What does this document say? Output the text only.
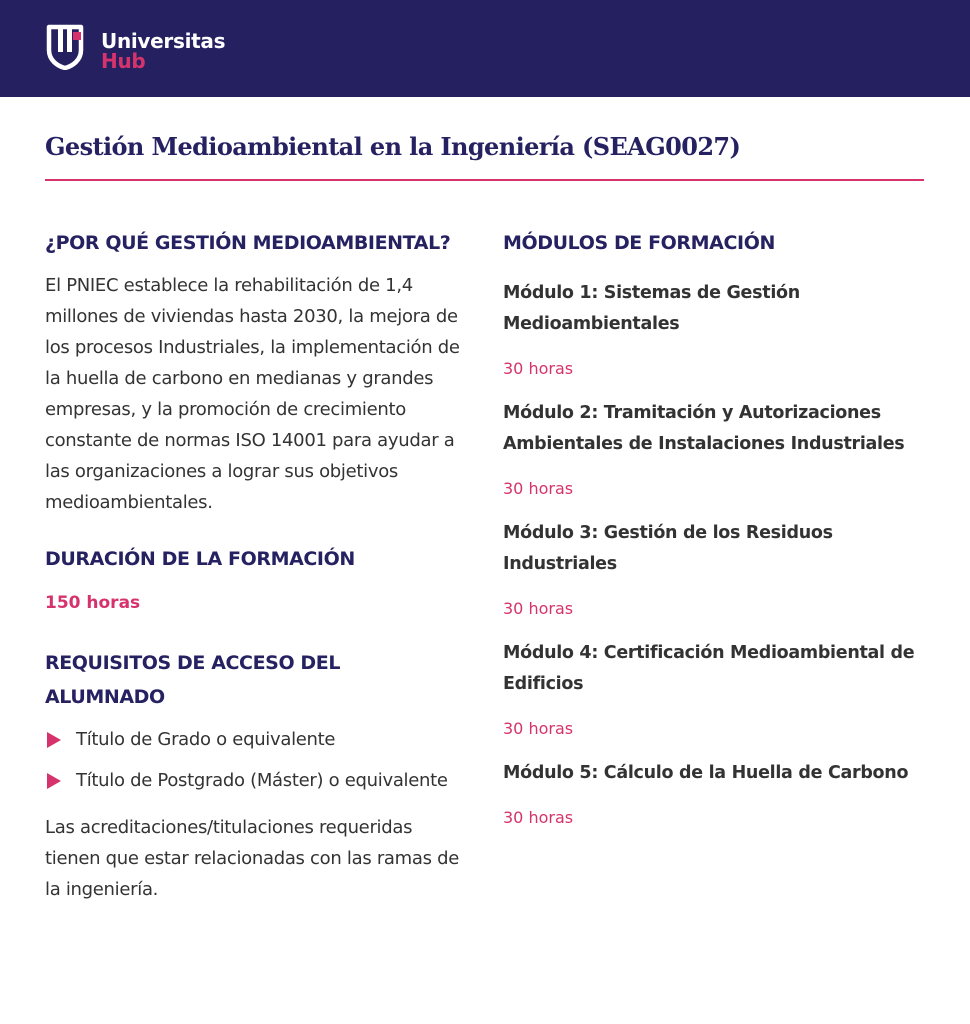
Universitas
Hub
Gestión Medioambiental en la Ingeniería (SEAG0027)
¿POR QUÉ GESTIÓN MEDIOAMBIENTAL?

El PNIEC establece la rehabilitación de 1,4 millones de viviendas hasta 2030, la mejora de los procesos Industriales, la implementación de la huella de carbono en medianas y grandes empresas, y la promoción de crecimiento constante de normas ISO 14001 para ayudar a las organizaciones a lograr sus objetivos medioambientales.

DURACIÓN DE LA FORMACIÓN
150 horas
REQUISITOS DE ACCESO DEL ALUMNADO
Título de Grado o equivalente
Título de Postgrado (Máster) o equivalente

Las acreditaciones/titulaciones requeridas tienen que estar relacionadas con las ramas de la ingeniería.

MÓDULOS DE FORMACIÓN
Módulo 1: Sistemas de Gestión Medioambientales
30 horas
Módulo 2: Tramitación y Autorizaciones Ambientales de Instalaciones Industriales
30 horas
Módulo 3: Gestión de los Residuos Industriales
30 horas
Módulo 4: Certificación Medioambiental de Edificios
30 horas
Módulo 5: Cálculo de la Huella de Carbono
30 horas
